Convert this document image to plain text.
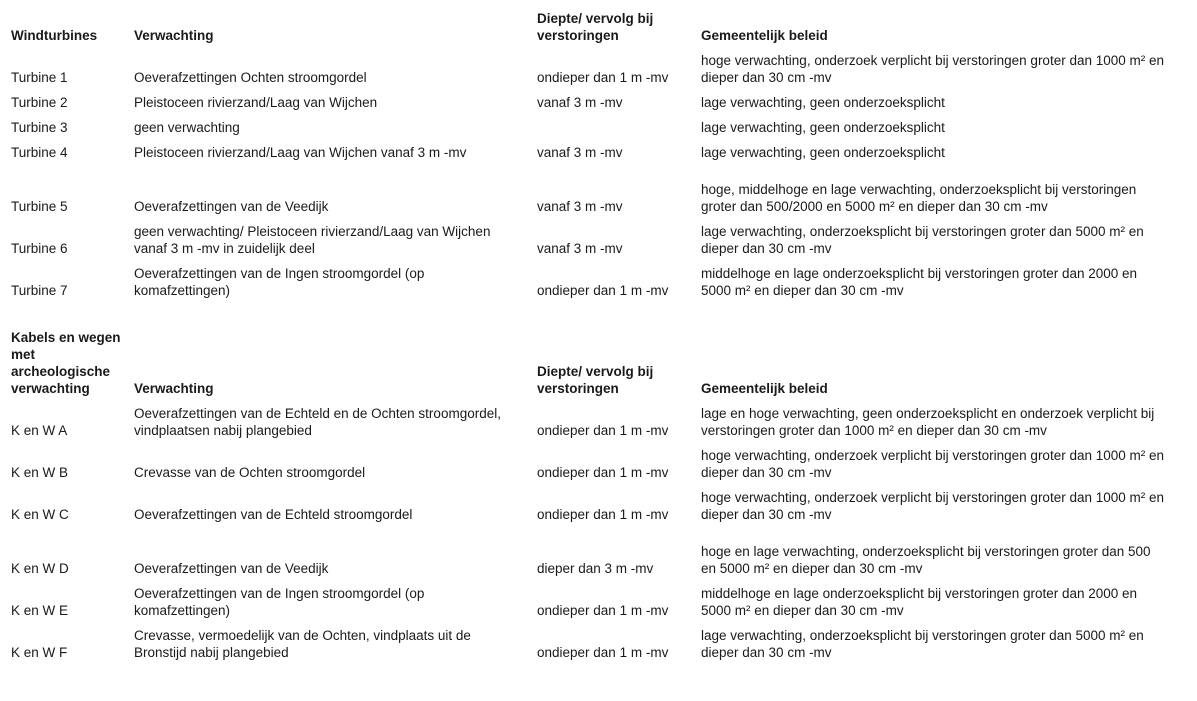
Windturbines	Verwachting	Diepte/ vervolg bij verstoringen	Gemeentelijk beleid
Turbine 1	Oeverafzettingen Ochten stroomgordel	ondieper dan 1 m -mv	hoge verwachting, onderzoek verplicht bij verstoringen groter dan 1000 m² en dieper dan 30 cm -mv
Turbine 2	Pleistoceen rivierzand/Laag van Wijchen	vanaf 3 m -mv	lage verwachting, geen onderzoeksplicht
Turbine 3	geen verwachting		lage verwachting, geen onderzoeksplicht
Turbine 4	Pleistoceen rivierzand/Laag van Wijchen vanaf 3 m -mv	vanaf 3 m -mv	lage verwachting, geen onderzoeksplicht
Turbine 5	Oeverafzettingen van de Veedijk	vanaf 3 m -mv	hoge, middelhoge en lage verwachting, onderzoeksplicht bij verstoringen groter dan 500/2000 en 5000 m² en dieper dan 30 cm -mv
Turbine 6	geen verwachting/ Pleistoceen rivierzand/Laag van Wijchen vanaf 3 m -mv in zuidelijk deel	vanaf 3 m -mv	lage verwachting, onderzoeksplicht bij verstoringen groter dan 5000 m² en dieper dan 30 cm -mv
Turbine 7	Oeverafzettingen van de Ingen stroomgordel (op komafzettingen)	ondieper dan 1 m -mv	middelhoge en lage onderzoeksplicht bij verstoringen groter dan 2000 en 5000 m² en dieper dan 30 cm -mv
Kabels en wegen met archeologische verwachting	Verwachting	Diepte/ vervolg bij verstoringen	Gemeentelijk beleid
K en W A	Oeverafzettingen van de Echteld en de Ochten stroomgordel, vindplaatsen nabij plangebied	ondieper dan 1 m -mv	lage en hoge verwachting, geen onderzoeksplicht en onderzoek verplicht bij verstoringen groter dan 1000 m² en dieper dan 30 cm -mv
K en W B	Crevasse van de Ochten stroomgordel	ondieper dan 1 m -mv	hoge verwachting, onderzoek verplicht bij verstoringen groter dan 1000 m² en dieper dan 30 cm -mv
K en W C	Oeverafzettingen van de Echteld stroomgordel	ondieper dan 1 m -mv	hoge verwachting, onderzoek verplicht bij verstoringen groter dan 1000 m² en dieper dan 30 cm -mv
K en W D	Oeverafzettingen van de Veedijk	dieper dan 3 m -mv	hoge en lage verwachting, onderzoeksplicht bij verstoringen groter dan 500 en 5000 m² en dieper dan 30 cm -mv
K en W E	Oeverafzettingen van de Ingen stroomgordel (op komafzettingen)	ondieper dan 1 m -mv	middelhoge en lage onderzoeksplicht bij verstoringen groter dan 2000 en 5000 m² en dieper dan 30 cm -mv
K en W F	Crevasse, vermoedelijk van de Ochten, vindplaats uit de Bronstijd nabij plangebied	ondieper dan 1 m -mv	lage verwachting, onderzoeksplicht bij verstoringen groter dan 5000 m² en dieper dan 30 cm -mv
